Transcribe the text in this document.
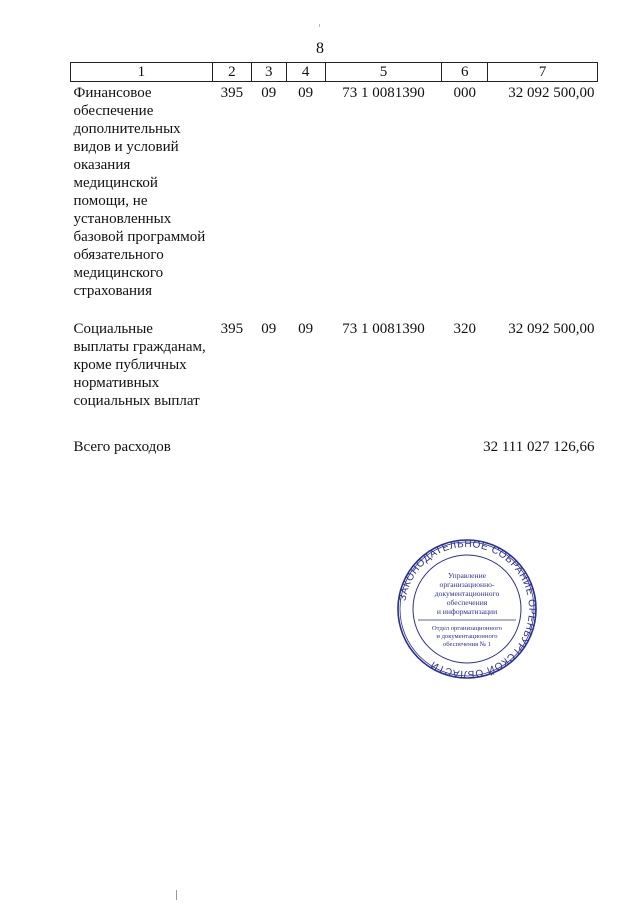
8
1	2	3	4	5	6	7
Финансовое обеспечение дополнительных видов и условий оказания медицинской помощи, не установленных базовой программой обязательного медицинского страхования	395	09	09	73 1 0081390	000	32 092 500,00

Социальные выплаты гражданам, кроме публичных нормативных социальных выплат	395	09	09	73 1 0081390	320	32 092 500,00

Всего расходов					32 111 027 126,66	
ЗАКОНОДАТЕЛЬНОЕ СОБРАНИЕ ОРЕНБУРГСКОЙ ОБЛАСТИ
Управление
организационно-
документационного
обеспечения
и информатизации
Отдел организационного
и документационного
обеспечения № 1
